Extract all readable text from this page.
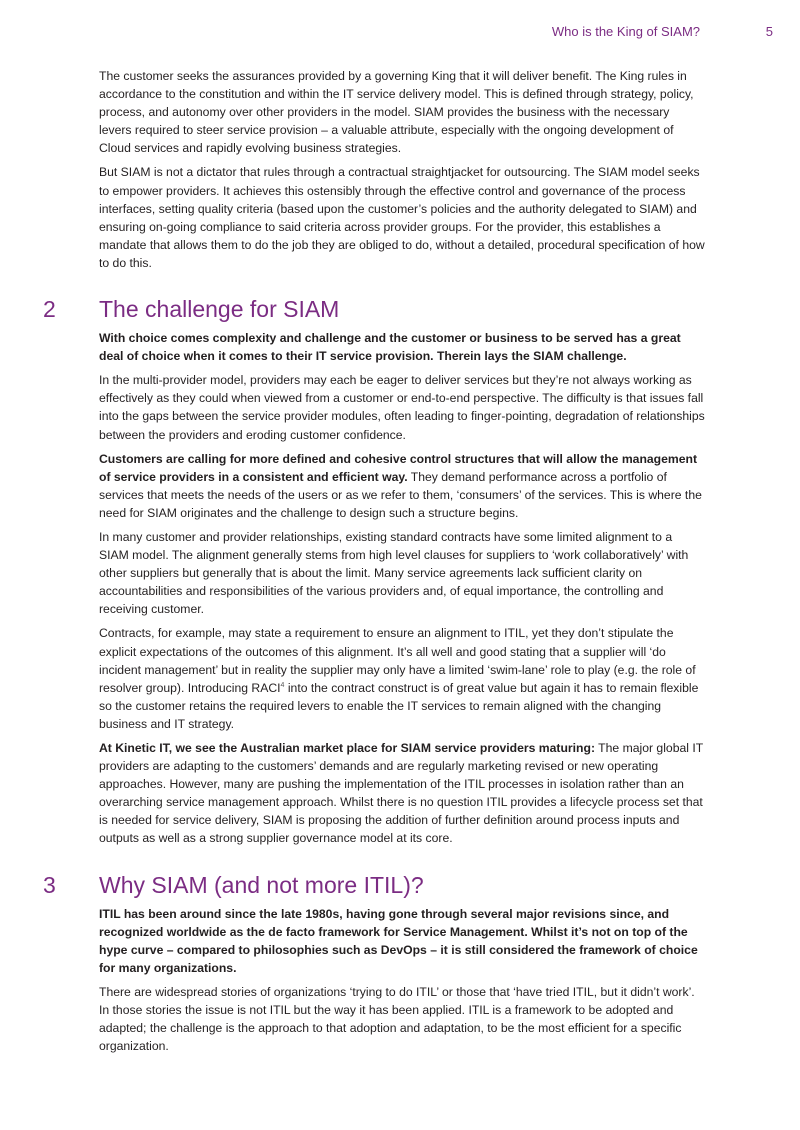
Who is the King of SIAM?	5

The customer seeks the assurances provided by a governing King that it will deliver benefit. The King rules in accordance to the constitution and within the IT service delivery model. This is defined through strategy, policy, process, and autonomy over other providers in the model. SIAM provides the business with the necessary levers required to steer service provision – a valuable attribute, especially with the ongoing development of Cloud services and rapidly evolving business strategies.

But SIAM is not a dictator that rules through a contractual straightjacket for outsourcing. The SIAM model seeks to empower providers. It achieves this ostensibly through the effective control and governance of the process interfaces, setting quality criteria (based upon the customer’s policies and the authority delegated to SIAM) and ensuring on-going compliance to said criteria across provider groups. For the provider, this establishes a mandate that allows them to do the job they are obliged to do, without a detailed, procedural specification of how to do this.

2 The challenge for SIAM

With choice comes complexity and challenge and the customer or business to be served has a great deal of choice when it comes to their IT service provision. Therein lays the SIAM challenge.

In the multi-provider model, providers may each be eager to deliver services but they’re not always working as effectively as they could when viewed from a customer or end-to-end perspective. The difficulty is that issues fall into the gaps between the service provider modules, often leading to finger-pointing, degradation of relationships between the providers and eroding customer confidence.

Customers are calling for more defined and cohesive control structures that will allow the management of service providers in a consistent and efficient way. They demand performance across a portfolio of services that meets the needs of the users or as we refer to them, ‘consumers’ of the services. This is where the need for SIAM originates and the challenge to design such a structure begins.

In many customer and provider relationships, existing standard contracts have some limited alignment to a SIAM model. The alignment generally stems from high level clauses for suppliers to ‘work collaboratively’ with other suppliers but generally that is about the limit. Many service agreements lack sufficient clarity on accountabilities and responsibilities of the various providers and, of equal importance, the controlling and receiving customer.

Contracts, for example, may state a requirement to ensure an alignment to ITIL, yet they don’t stipulate the explicit expectations of the outcomes of this alignment. It’s all well and good stating that a supplier will ‘do incident management’ but in reality the supplier may only have a limited ‘swim-lane’ role to play (e.g. the role of resolver group). Introducing RACI$^4$ into the contract construct is of great value but again it has to remain flexible so the customer retains the required levers to enable the IT services to remain aligned with the changing business and IT strategy.

At Kinetic IT, we see the Australian market place for SIAM service providers maturing: The major global IT providers are adapting to the customers’ demands and are regularly marketing revised or new operating approaches. However, many are pushing the implementation of the ITIL processes in isolation rather than an overarching service management approach. Whilst there is no question ITIL provides a lifecycle process set that is needed for service delivery, SIAM is proposing the addition of further definition around process inputs and outputs as well as a strong supplier governance model at its core.

3 Why SIAM (and not more ITIL)?

ITIL has been around since the late 1980s, having gone through several major revisions since, and recognized worldwide as the de facto framework for Service Management. Whilst it’s not on top of the hype curve – compared to philosophies such as DevOps – it is still considered the framework of choice for many organizations.

There are widespread stories of organizations ‘trying to do ITIL’ or those that ‘have tried ITIL, but it didn’t work’. In those stories the issue is not ITIL but the way it has been applied. ITIL is a framework to be adopted and adapted; the challenge is the approach to that adoption and adaptation, to be the most efficient for a specific organization.
